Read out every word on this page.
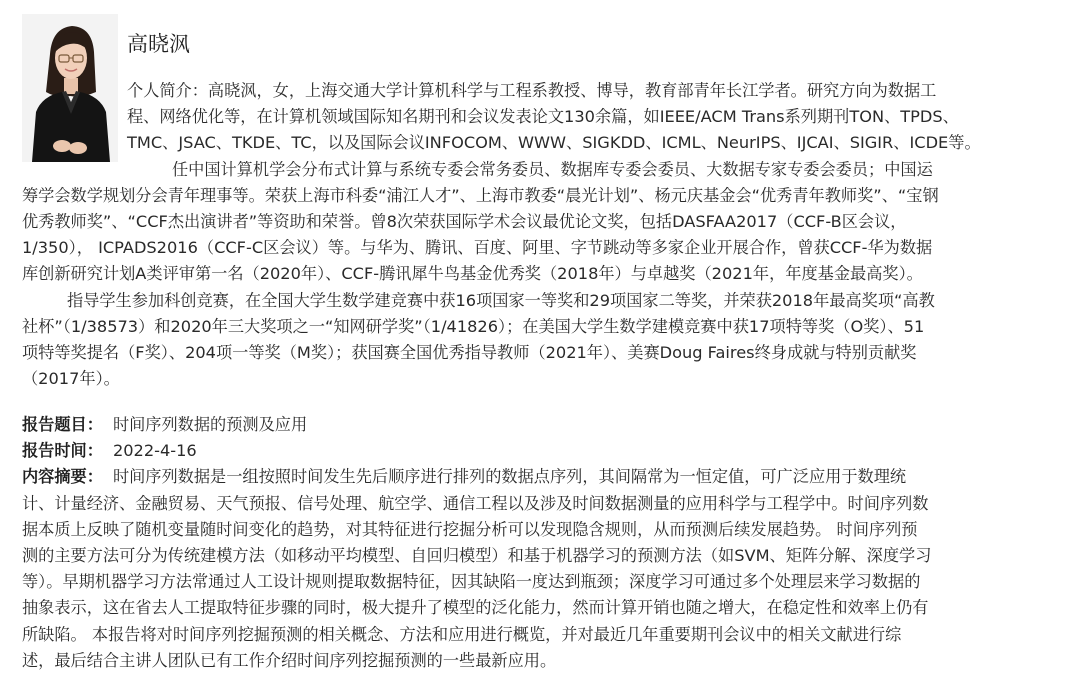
高晓沨
个人简介：高晓沨，女，上海交通大学计算机科学与工程系教授、博导，教育部青年长江学者。研究方向为数据工
程、网络优化等，在计算机领域国际知名期刊和会议发表论文130余篇，如IEEE/ACM Trans系列期刊TON、TPDS、
TMC、JSAC、TKDE、TC，以及国际会议INFOCOM、WWW、SIGKDD、ICML、NeurIPS、IJCAI、SIGIR、ICDE等。
任中国计算机学会分布式计算与系统专委会常务委员、数据库专委会委员、大数据专家专委会委员；中国运
筹学会数学规划分会青年理事等。荣获上海市科委“浦江人才”、上海市教委“晨光计划”、杨元庆基金会“优秀青年教师奖”、“宝钢
优秀教师奖”、“CCF杰出演讲者”等资助和荣誉。曾8次荣获国际学术会议最优论文奖，包括DASFAA2017（CCF-B区会议，
1/350）， ICPADS2016（CCF-C区会议）等。与华为、腾讯、百度、阿里、字节跳动等多家企业开展合作，曾获CCF-华为数据
库创新研究计划A类评审第一名（2020年）、CCF-腾讯犀牛鸟基金优秀奖（2018年）与卓越奖（2021年，年度基金最高奖）。
指导学生参加科创竞赛，在全国大学生数学建竞赛中获16项国家一等奖和29项国家二等奖，并荣获2018年最高奖项“高教
社杯”（1/38573）和2020年三大奖项之一“知网研学奖”（1/41826）；在美国大学生数学建模竞赛中获17项特等奖（O奖）、51
项特等奖提名（F奖）、204项一等奖（M奖）；获国赛全国优秀指导教师（2021年）、美赛Doug Faires终身成就与特别贡献奖
（2017年）。
报告题目： 时间序列数据的预测及应用
报告时间： 2022-4-16
内容摘要： 时间序列数据是一组按照时间发生先后顺序进行排列的数据点序列，其间隔常为一恒定值，可广泛应用于数理统
计、计量经济、金融贸易、天气预报、信号处理、航空学、通信工程以及涉及时间数据测量的应用科学与工程学中。时间序列数
据本质上反映了随机变量随时间变化的趋势，对其特征进行挖掘分析可以发现隐含规则，从而预测后续发展趋势。 时间序列预
测的主要方法可分为传统建模方法（如移动平均模型、自回归模型）和基于机器学习的预测方法（如SVM、矩阵分解、深度学习
等）。早期机器学习方法常通过人工设计规则提取数据特征，因其缺陷一度达到瓶颈；深度学习可通过多个处理层来学习数据的
抽象表示，这在省去人工提取特征步骤的同时，极大提升了模型的泛化能力，然而计算开销也随之增大，在稳定性和效率上仍有
所缺陷。 本报告将对时间序列挖掘预测的相关概念、方法和应用进行概览，并对最近几年重要期刊会议中的相关文献进行综
述，最后结合主讲人团队已有工作介绍时间序列挖掘预测的一些最新应用。
